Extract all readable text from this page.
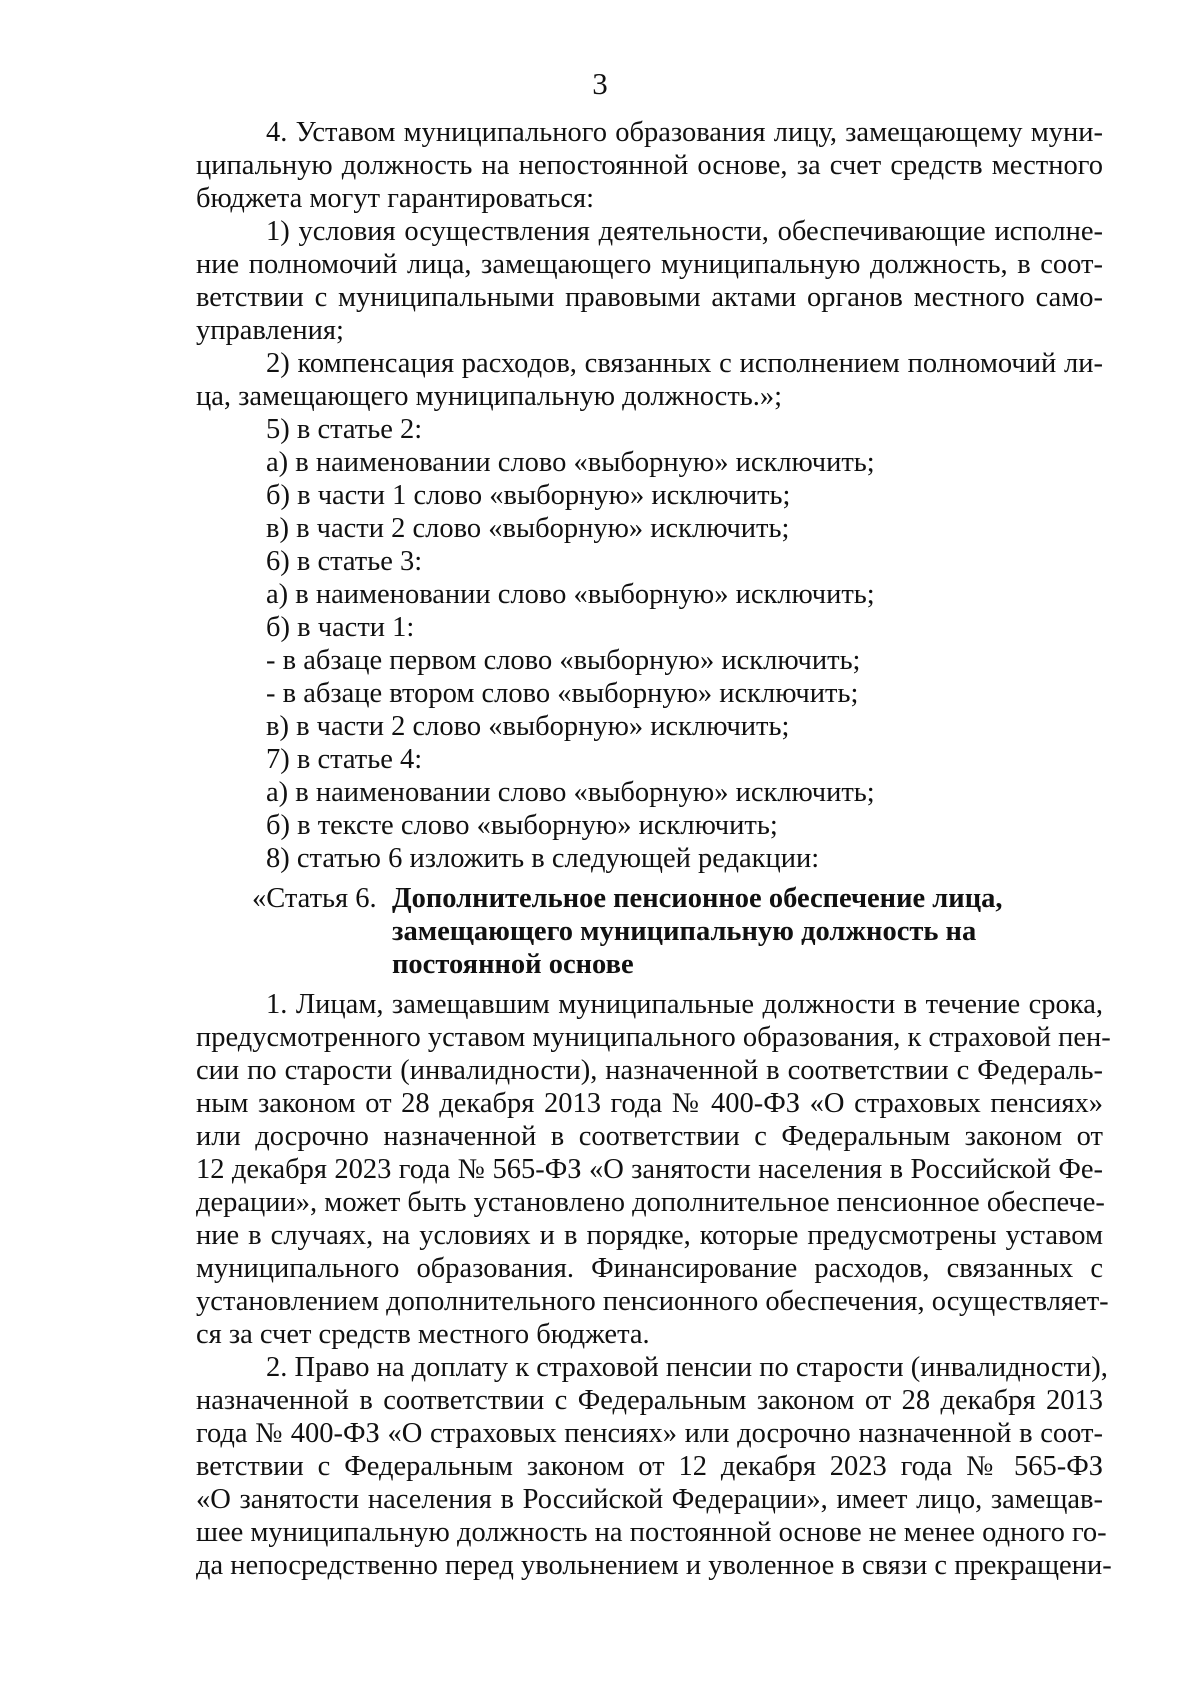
3
4. Уставом муниципального образования лицу, замещающему муни-
ципальную должность на непостоянной основе, за счет средств местного
бюджета могут гарантироваться:
1) условия осуществления деятельности, обеспечивающие исполне-
ние полномочий лица, замещающего муниципальную должность, в соот-
ветствии с муниципальными правовыми актами органов местного само-
управления;
2) компенсация расходов, связанных с исполнением полномочий ли-
ца, замещающего муниципальную должность.»;
5) в статье 2:
а) в наименовании слово «выборную» исключить;
б) в части 1 слово «выборную» исключить;
в) в части 2 слово «выборную» исключить;
6) в статье 3:
а) в наименовании слово «выборную» исключить;
б) в части 1:
- в абзаце первом слово «выборную» исключить;
- в абзаце втором слово «выборную» исключить;
в) в части 2 слово «выборную» исключить;
7) в статье 4:
а) в наименовании слово «выборную» исключить;
б) в тексте слово «выборную» исключить;
8) статью 6 изложить в следующей редакции:
«Статья 6. Дополнительное пенсионное обеспечение лица,
замещающего муниципальную должность на
постоянной основе
1. Лицам, замещавшим муниципальные должности в течение срока,
предусмотренного уставом муниципального образования, к страховой пен-
сии по старости (инвалидности), назначенной в соответствии с Федераль-
ным законом от 28 декабря 2013 года № 400-ФЗ «О страховых пенсиях»
или досрочно назначенной в соответствии с Федеральным законом от
12 декабря 2023 года № 565-ФЗ «О занятости населения в Российской Фе-
дерации», может быть установлено дополнительное пенсионное обеспече-
ние в случаях, на условиях и в порядке, которые предусмотрены уставом
муниципального образования. Финансирование расходов, связанных с
установлением дополнительного пенсионного обеспечения, осуществляет-
ся за счет средств местного бюджета.
2. Право на доплату к страховой пенсии по старости (инвалидности),
назначенной в соответствии с Федеральным законом от 28 декабря 2013
года № 400-ФЗ «О страховых пенсиях» или досрочно назначенной в соот-
ветствии с Федеральным законом от 12 декабря 2023 года № 565-ФЗ
«О занятости населения в Российской Федерации», имеет лицо, замещав-
шее муниципальную должность на постоянной основе не менее одного го-
да непосредственно перед увольнением и уволенное в связи с прекращени-
